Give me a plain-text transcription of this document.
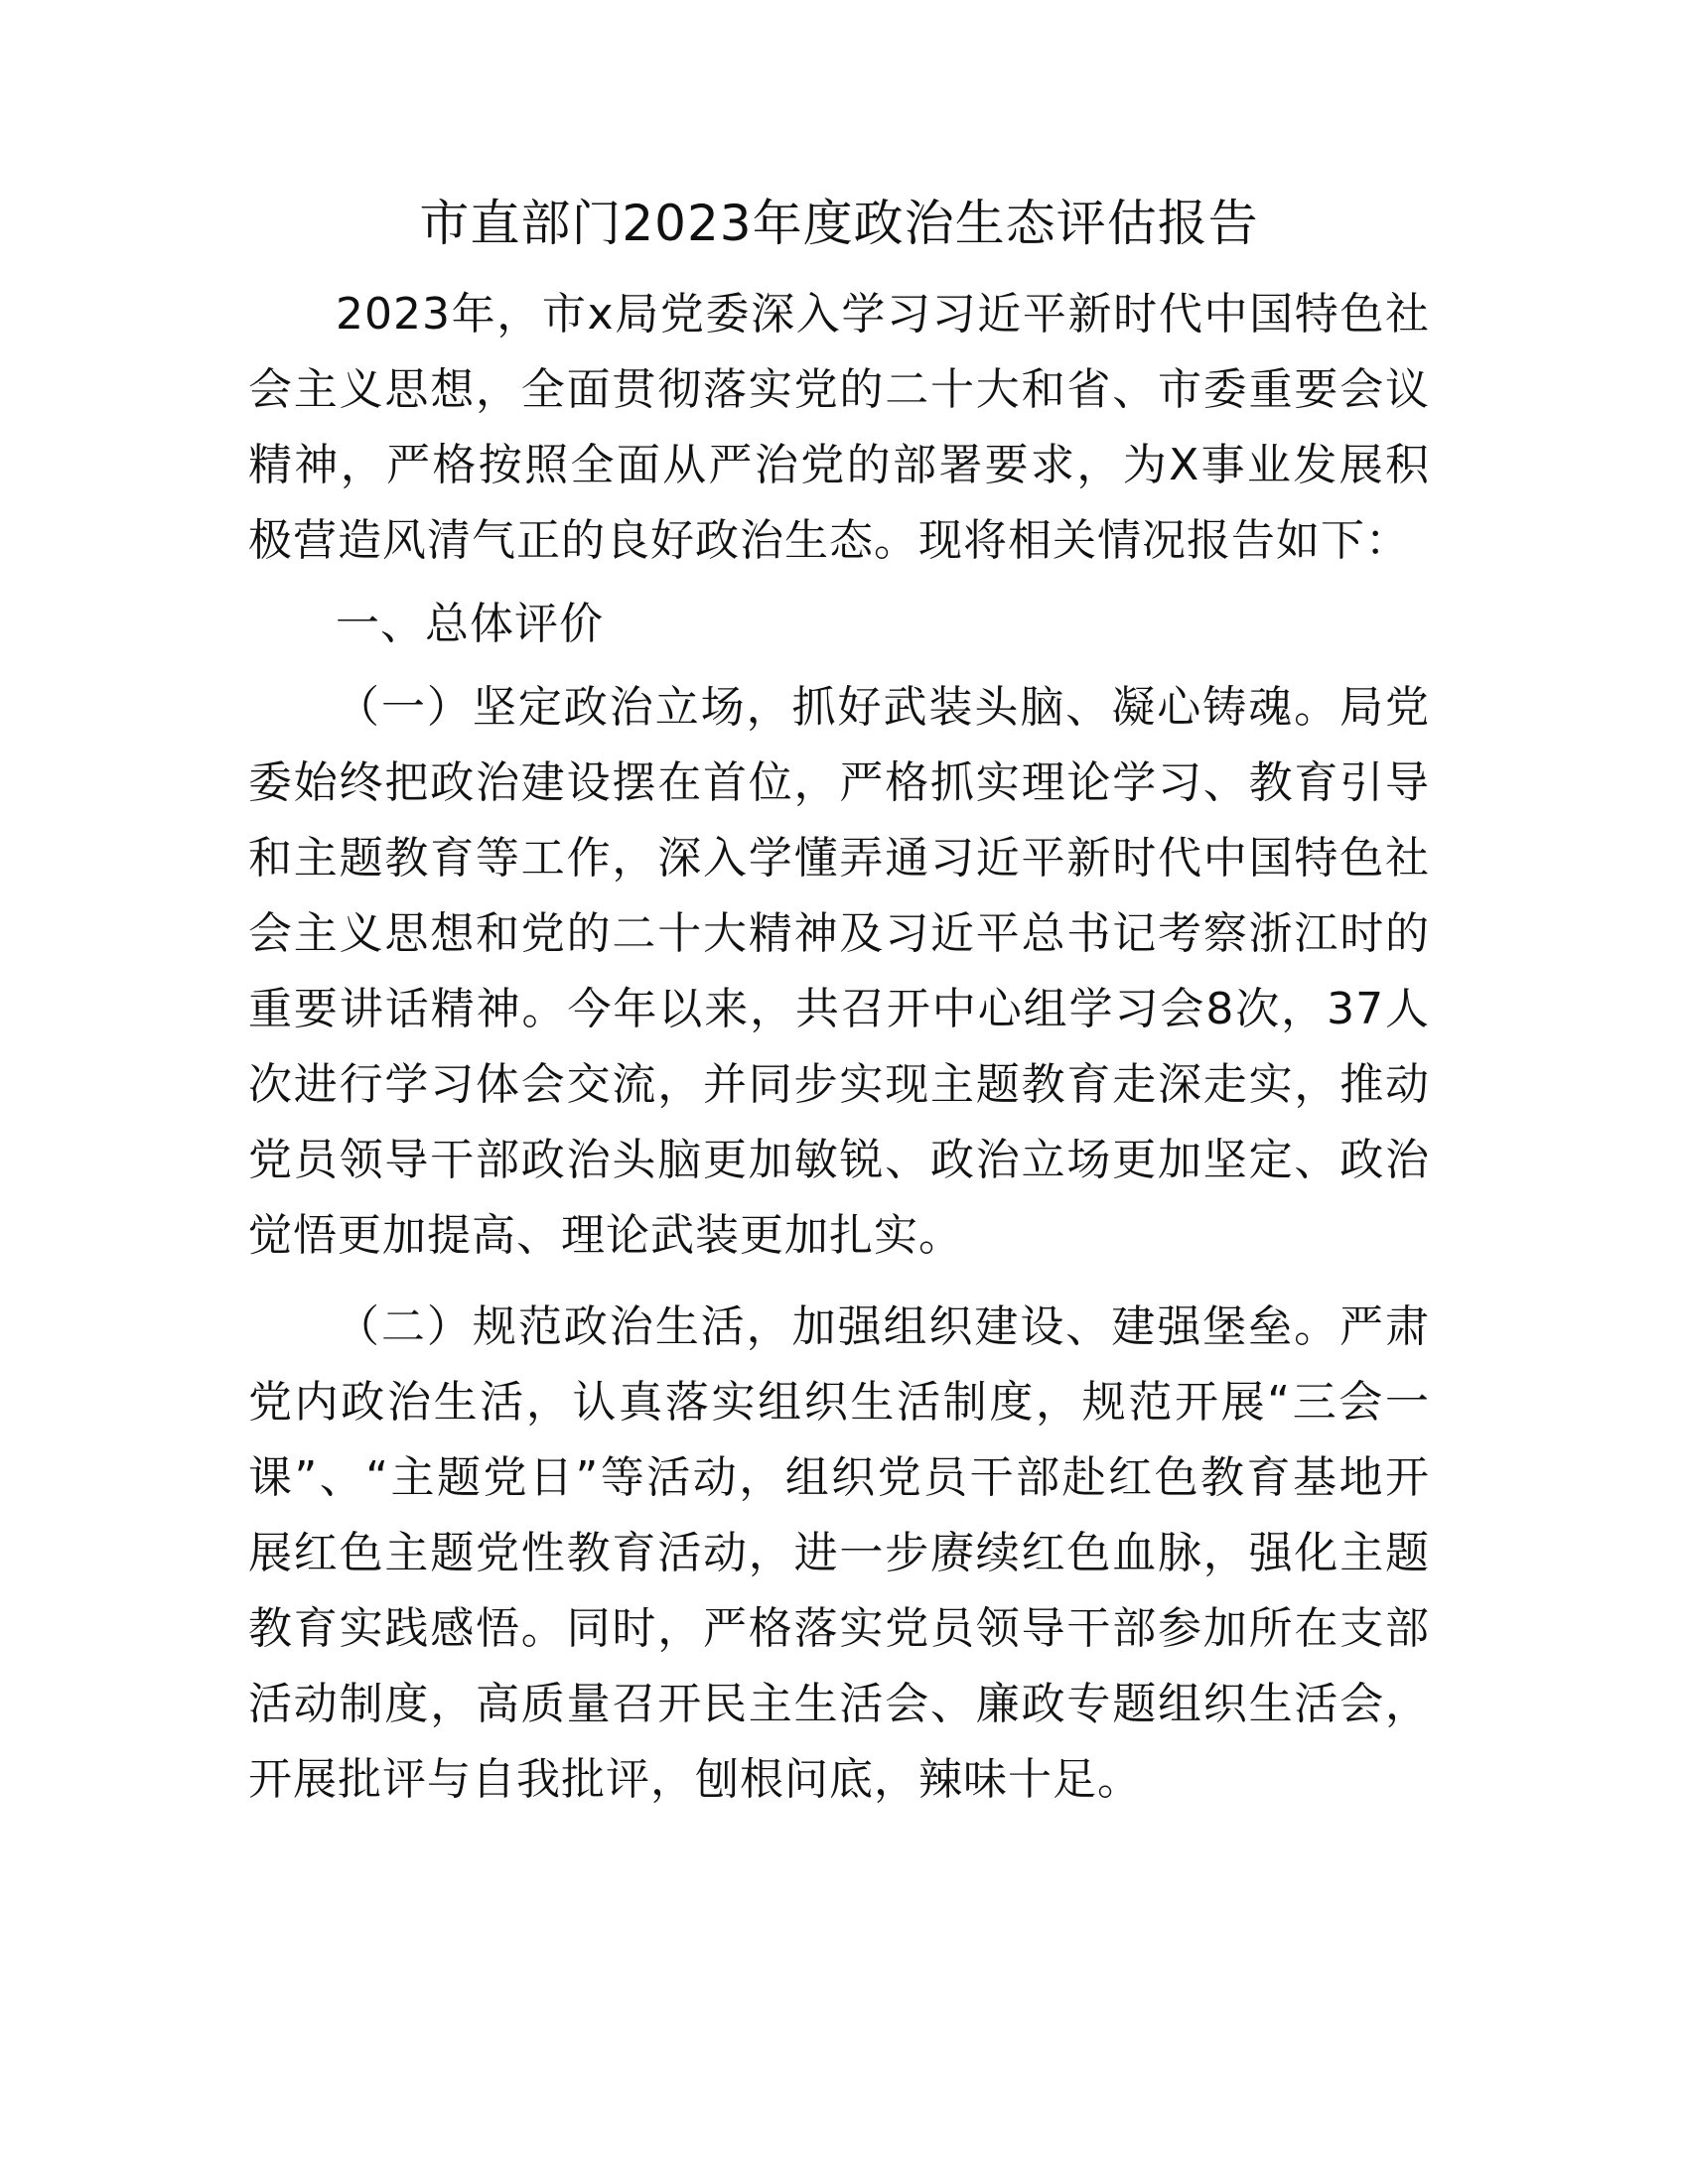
市直部门2023年度政治生态评估报告

2023年，市x局党委深入学习习近平新时代中国特色社会主义思想，全面贯彻落实党的二十大和省、市委重要会议精神，严格按照全面从严治党的部署要求，为X事业发展积极营造风清气正的良好政治生态。现将相关情况报告如下：

一、总体评价

（一）坚定政治立场，抓好武装头脑、凝心铸魂。局党委始终把政治建设摆在首位，严格抓实理论学习、教育引导和主题教育等工作，深入学懂弄通习近平新时代中国特色社会主义思想和党的二十大精神及习近平总书记考察浙江时的重要讲话精神。今年以来，共召开中心组学习会8次，37人次进行学习体会交流，并同步实现主题教育走深走实，推动党员领导干部政治头脑更加敏锐、政治立场更加坚定、政治觉悟更加提高、理论武装更加扎实。

（二）规范政治生活，加强组织建设、建强堡垒。严肃党内政治生活，认真落实组织生活制度，规范开展“三会一课”、“主题党日”等活动，组织党员干部赴红色教育基地开展红色主题党性教育活动，进一步赓续红色血脉，强化主题教育实践感悟。同时，严格落实党员领导干部参加所在支部活动制度，高质量召开民主生活会、廉政专题组织生活会，开展批评与自我批评，刨根问底，辣味十足。
